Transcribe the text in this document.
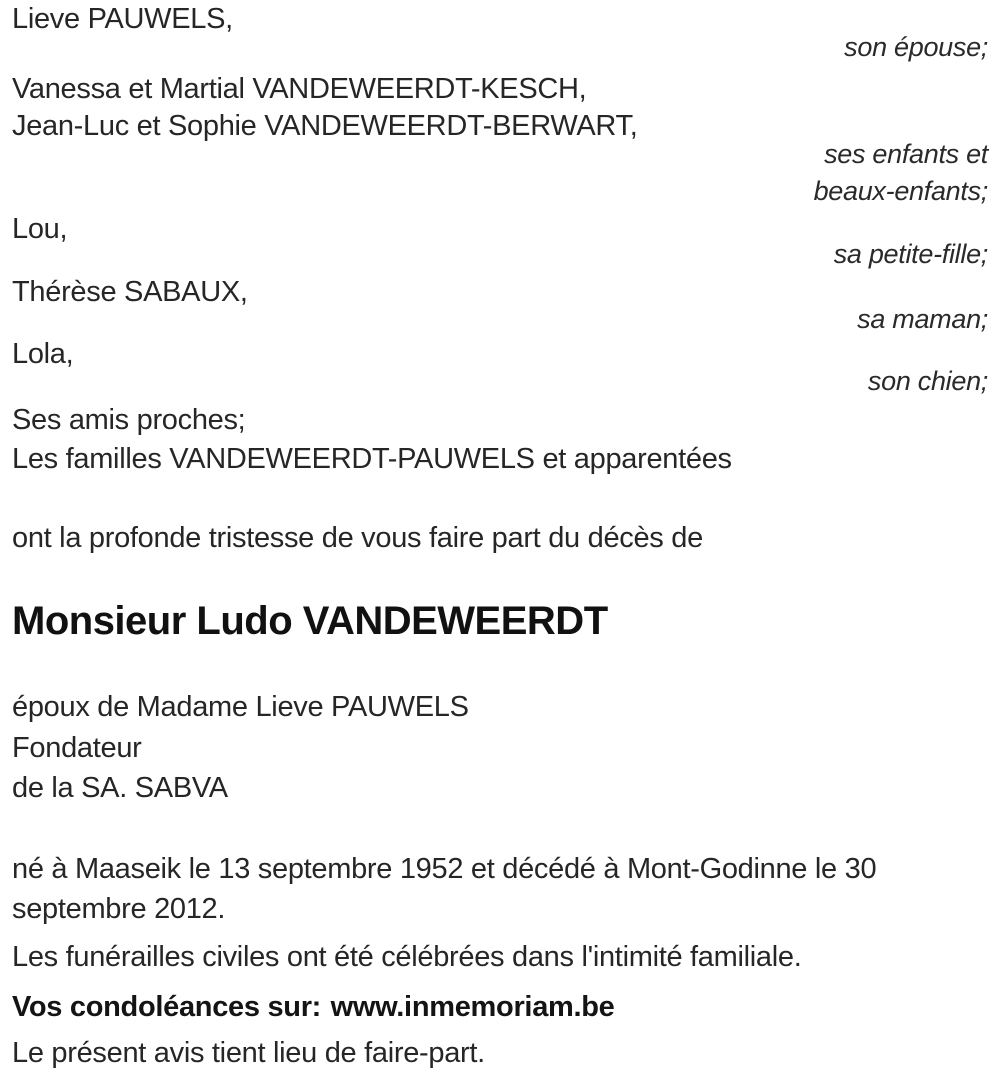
Lieve PAUWELS,
son épouse;
Vanessa et Martial VANDEWEERDT-KESCH,
Jean-Luc et Sophie VANDEWEERDT-BERWART,
ses enfants et
beaux-enfants;
Lou,
sa petite-fille;
Thérèse SABAUX,
sa maman;
Lola,
son chien;
Ses amis proches;
Les familles VANDEWEERDT-PAUWELS et apparentées
ont la profonde tristesse de vous faire part du décès de
Monsieur Ludo VANDEWEERDT
époux de Madame Lieve PAUWELS
Fondateur
de la SA. SABVA
né à Maaseik le 13 septembre 1952 et décédé à Mont-Godinne le 30
septembre 2012.
Les funérailles civiles ont été célébrées dans l'intimité familiale.
Vos condoléances sur: www.inmemoriam.be
Le présent avis tient lieu de faire-part.
